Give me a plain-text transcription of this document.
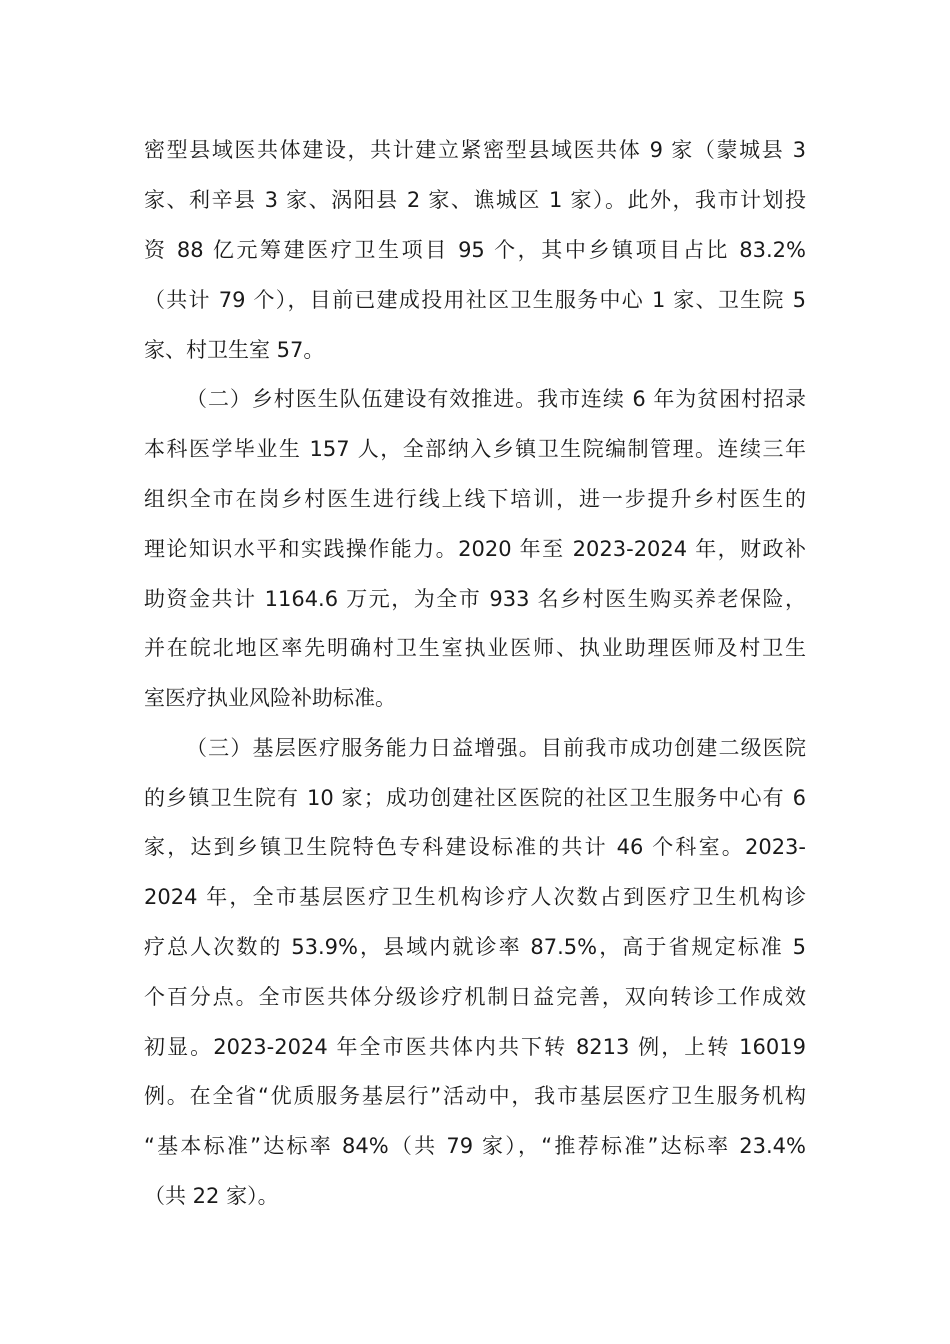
密型县域医共体建设，共计建立紧密型县域医共体 9 家（蒙城县 3
家、利辛县 3 家、涡阳县 2 家、谯城区 1 家）。此外，我市计划投
资 88 亿元筹建医疗卫生项目 95 个，其中乡镇项目占比 83.2%
（共计 79 个），目前已建成投用社区卫生服务中心 1 家、卫生院 5
家、村卫生室 57。
（二）乡村医生队伍建设有效推进。我市连续 6 年为贫困村招录
本科医学毕业生 157 人，全部纳入乡镇卫生院编制管理。连续三年
组织全市在岗乡村医生进行线上线下培训，进一步提升乡村医生的
理论知识水平和实践操作能力。2020 年至 2023-2024 年，财政补
助资金共计 1164.6 万元，为全市 933 名乡村医生购买养老保险，
并在皖北地区率先明确村卫生室执业医师、执业助理医师及村卫生
室医疗执业风险补助标准。
（三）基层医疗服务能力日益增强。目前我市成功创建二级医院
的乡镇卫生院有 10 家；成功创建社区医院的社区卫生服务中心有 6
家，达到乡镇卫生院特色专科建设标准的共计 46 个科室。2023-
2024 年，全市基层医疗卫生机构诊疗人次数占到医疗卫生机构诊
疗总人次数的 53.9%，县域内就诊率 87.5%，高于省规定标准 5
个百分点。全市医共体分级诊疗机制日益完善，双向转诊工作成效
初显。2023-2024 年全市医共体内共下转 8213 例，上转 16019
例。在全省“优质服务基层行”活动中，我市基层医疗卫生服务机构
“基本标准”达标率 84%（共 79 家），“推荐标准”达标率 23.4%
（共 22 家）。
